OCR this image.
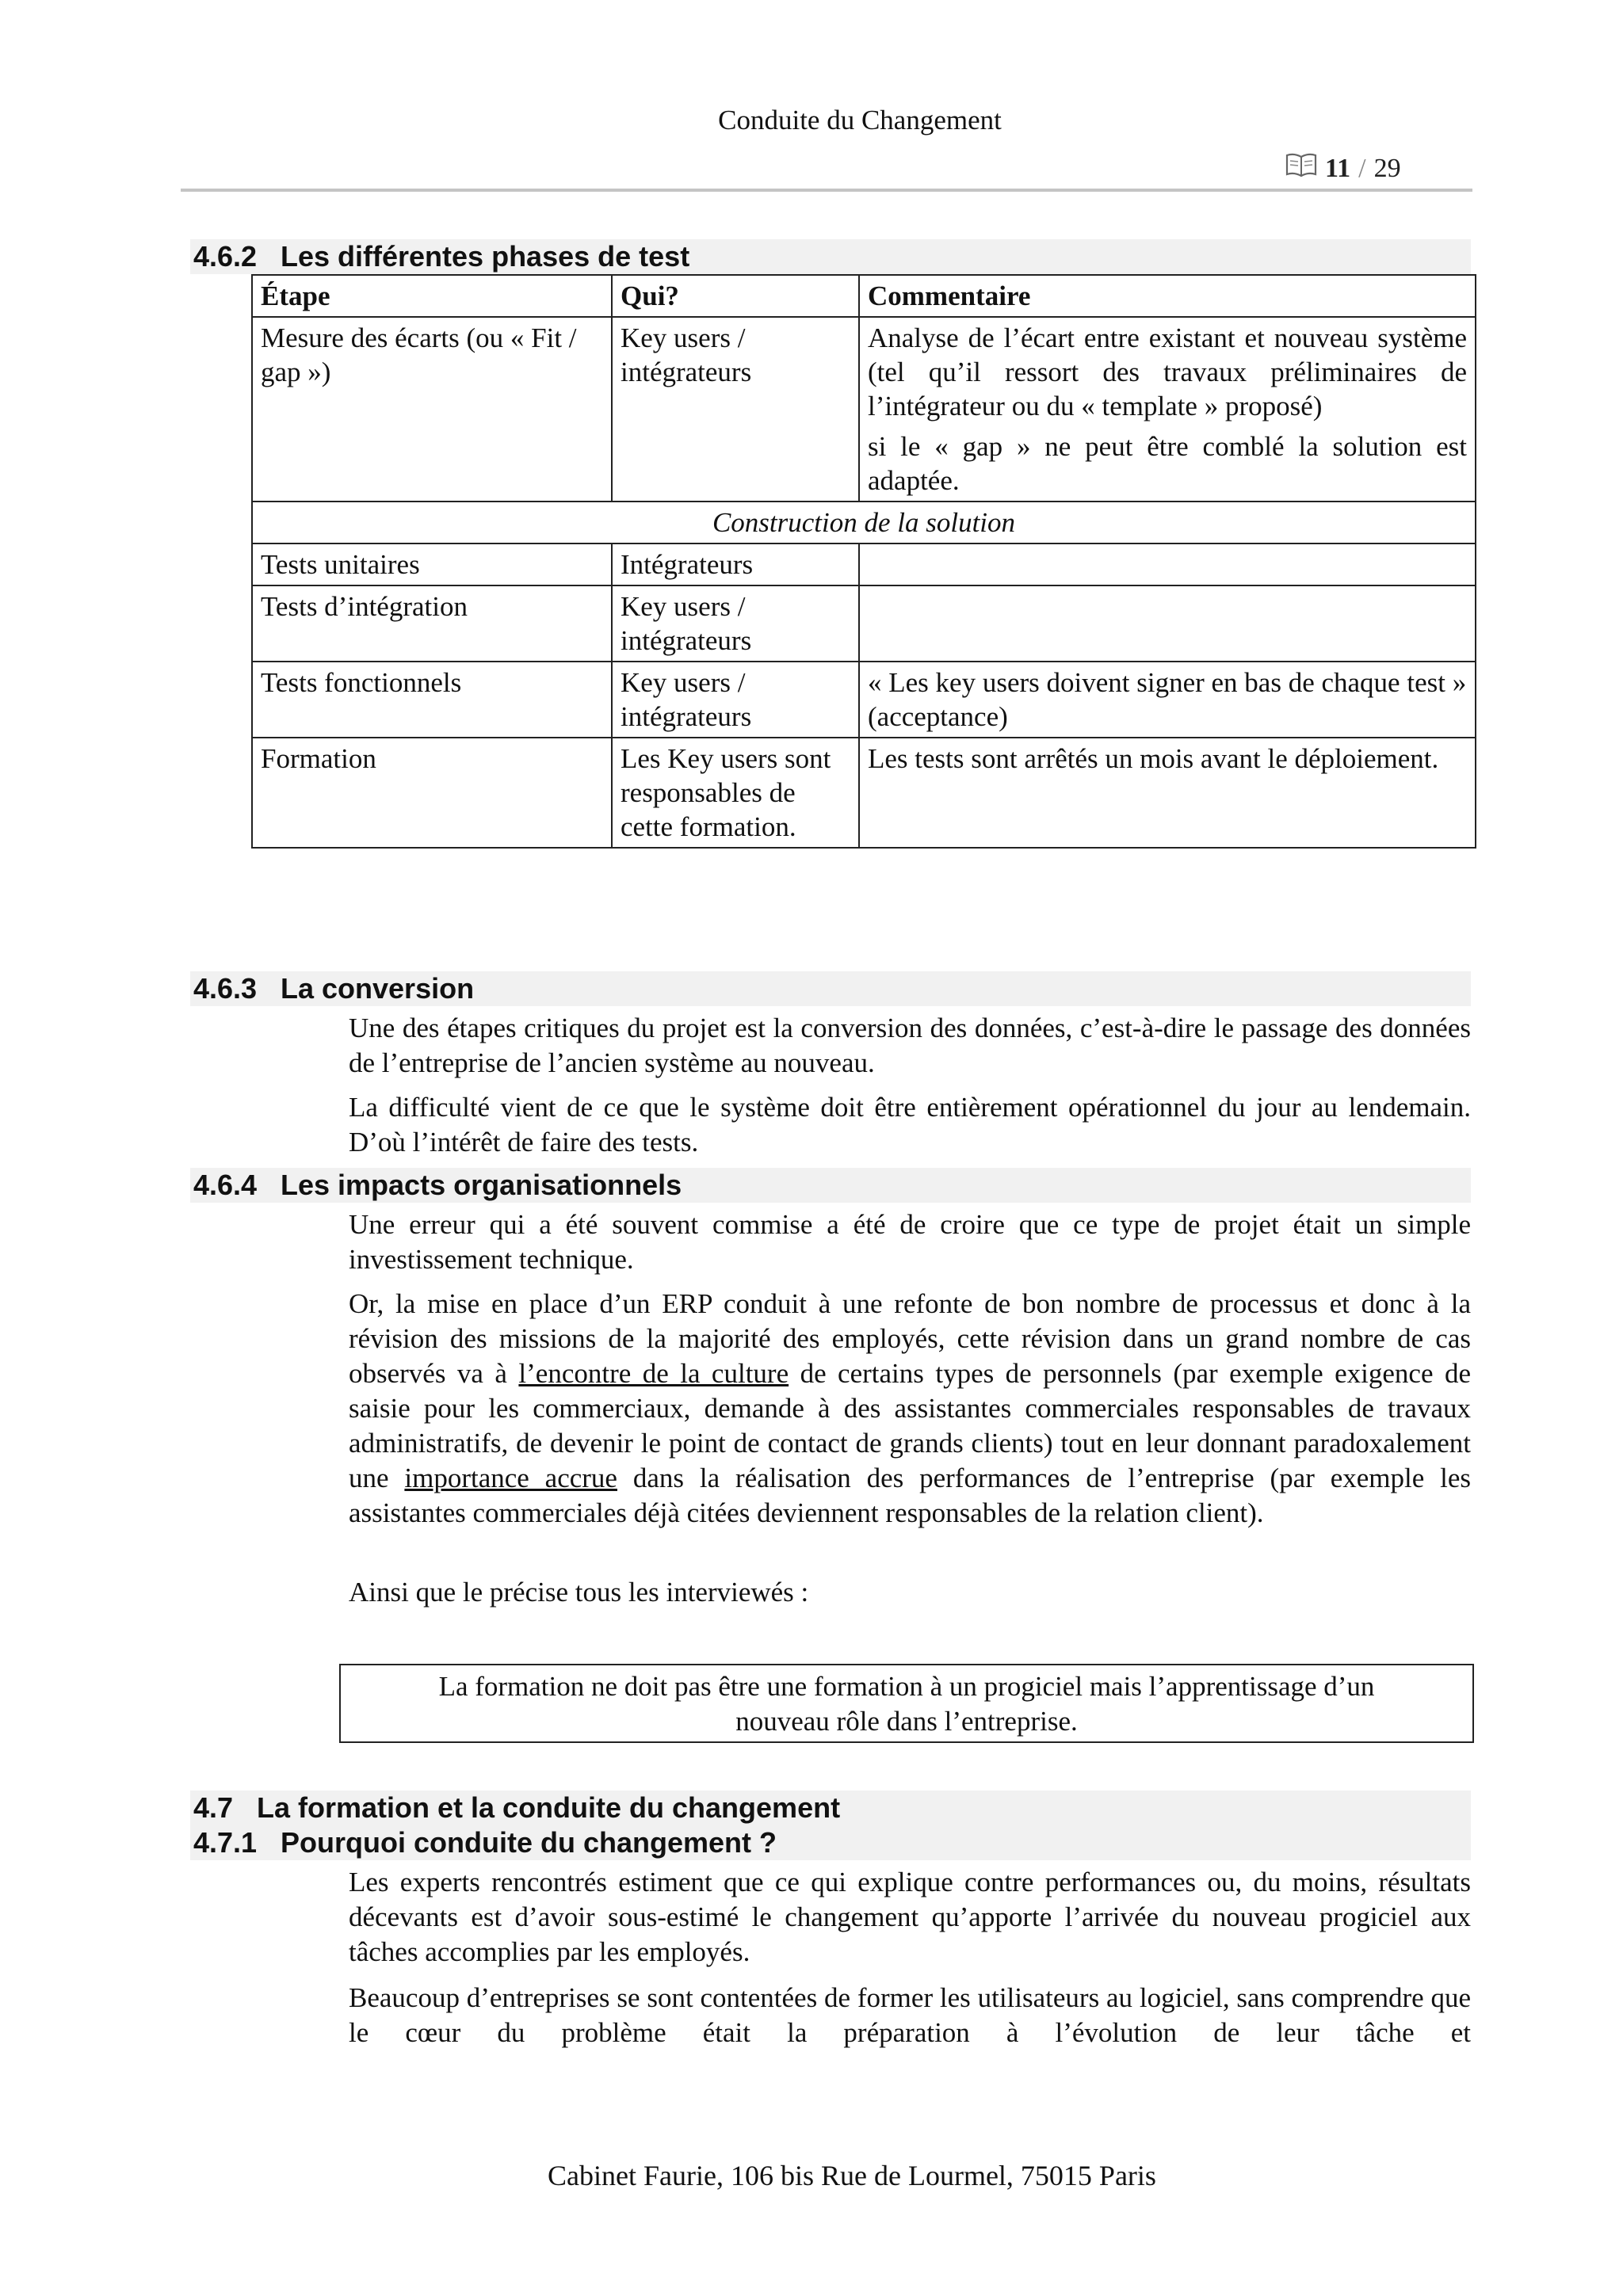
Conduite du Changement
11 / 29
4.6.2 Les différentes phases de test
Étape	Qui?	Commentaire
Mesure des écarts (ou « Fit / gap »)	Key users / intégrateurs	Analyse de l’écart entre existant et nouveau système (tel qu’il ressort des travaux préliminaires de l’intégrateur ou du « template » proposé)
si le « gap » ne peut être comblé la solution est adaptée.

Construction de la solution		
Tests unitaires	Intégrateurs	
Tests d’intégration	Key users / intégrateurs	
Tests fonctionnels	Key users / intégrateurs	« Les key users doivent signer en bas de chaque test » (acceptance)
Formation	Les Key users sont responsables de cette formation.	Les tests sont arrêtés un mois avant le déploiement.
4.6.3 La conversion
Une des étapes critiques du projet est la conversion des données, c’est-à-dire le passage des données de l’entreprise de l’ancien système au nouveau.
La difficulté vient de ce que le système doit être entièrement opérationnel du jour au lendemain. D’où l’intérêt de faire des tests.
4.6.4 Les impacts organisationnels
Une erreur qui a été souvent commise a été de croire que ce type de projet était un simple investissement technique.
Or, la mise en place d’un ERP conduit à une refonte de bon nombre de processus et donc à la révision des missions de la majorité des employés, cette révision dans un grand nombre de cas observés va à l’encontre de la culture de certains types de personnels (par exemple exigence de saisie pour les commerciaux, demande à des assistantes commerciales responsables de travaux administratifs, de devenir le point de contact de grands clients) tout en leur donnant paradoxalement une importance accrue dans la réalisation des performances de l’entreprise (par exemple les assistantes commerciales déjà citées deviennent responsables de la relation client).
Ainsi que le précise tous les interviewés :
La formation ne doit pas être une formation à un progiciel mais l’apprentissage d’un nouveau rôle dans l’entreprise.
4.7 La formation et la conduite du changement
4.7.1 Pourquoi conduite du changement ?
Les experts rencontrés estiment que ce qui explique contre performances ou, du moins, résultats décevants est d’avoir sous-estimé le changement qu’apporte l’arrivée du nouveau progiciel aux tâches accomplies par les employés.
Beaucoup d’entreprises se sont contentées de former les utilisateurs au logiciel, sans comprendre que le cœur du problème était la préparation à l’évolution de leur tâche et
Cabinet Faurie, 106 bis Rue de Lourmel, 75015 Paris
